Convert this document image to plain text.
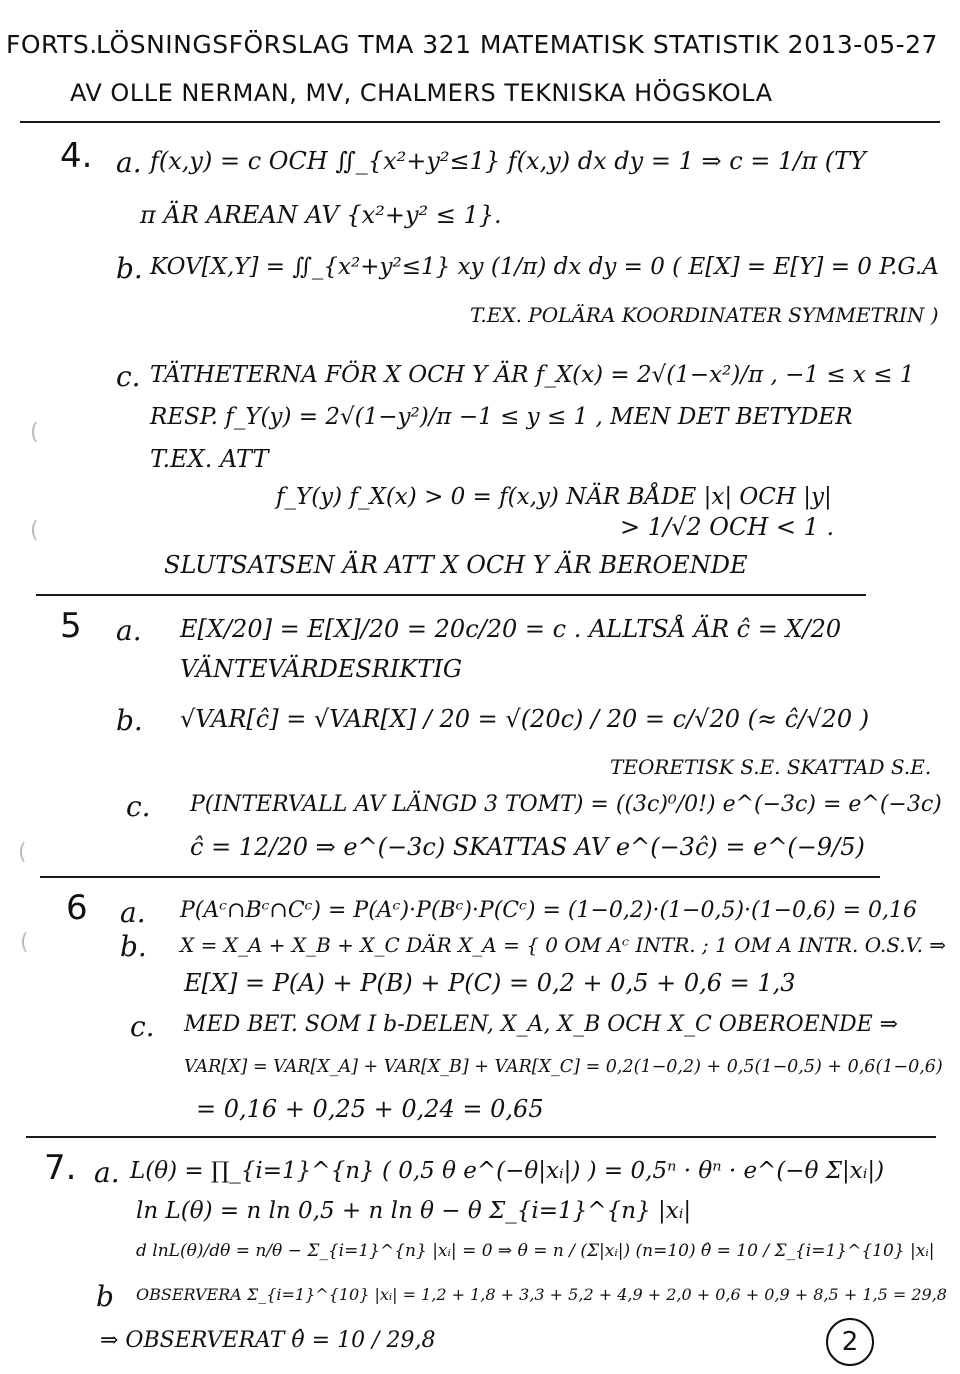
FORTS.
LÖSNINGSFÖRSLAG TMA 321 MATEMATISK STATISTIK 2013-05-27
AV OLLE NERMAN, MV, CHALMERS TEKNISKA HÖGSKOLA
4. a. f(x,y) = c OCH ∬_{x²+y²≤1} f(x,y) dx dy = 1 ⇒ c = 1/π (TY
π ÄR AREAN AV {x²+y² ≤ 1}.
b. KOV[X,Y] = ∬_{x²+y²≤1} xy (1/π) dx dy = 0 ( E[X] = E[Y] = 0 P.G.A
T.EX. POLÄRA KOORDINATER SYMMETRIN )
c. TÄTHETERNA FÖR X OCH Y ÄR f_X(x) = 2√(1−x²)/π , −1 ≤ x ≤ 1
RESP. f_Y(y) = 2√(1−y²)/π −1 ≤ y ≤ 1 , MEN DET BETYDER
T.EX. ATT
f_Y(y) f_X(x) > 0 = f(x,y) NÄR BÅDE |x| OCH |y|
> 1/√2 OCH < 1 .
SLUTSATSEN ÄR ATT X OCH Y ÄR BEROENDE
5 a. E[X/20] = E[X]/20 = 20c/20 = c . ALLTSÅ ÄR ĉ = X/20
VÄNTEVÄRDESRIKTIG
b. √VAR[ĉ] = √VAR[X] / 20 = √(20c) / 20 = c/√20 (≈ ĉ/√20 )
TEORETISK S.E. SKATTAD S.E.
c. P(INTERVALL AV LÄNGD 3 TOMT) = ((3c)⁰/0!) e^(−3c) = e^(−3c)
ĉ = 12/20 ⇒ e^(−3c) SKATTAS AV e^(−3ĉ) = e^(−9/5)
6 a. P(Aᶜ∩Bᶜ∩Cᶜ) = P(Aᶜ)·P(Bᶜ)·P(Cᶜ) = (1−0,2)·(1−0,5)·(1−0,6) = 0,16
b. X = X_A + X_B + X_C DÄR X_A = { 0 OM Aᶜ INTR. ; 1 OM A INTR. O.S.V. ⇒
E[X] = P(A) + P(B) + P(C) = 0,2 + 0,5 + 0,6 = 1,3
c. MED BET. SOM I b-DELEN, X_A, X_B OCH X_C OBEROENDE ⇒
VAR[X] = VAR[X_A] + VAR[X_B] + VAR[X_C] = 0,2(1−0,2) + 0,5(1−0,5) + 0,6(1−0,6)
= 0,16 + 0,25 + 0,24 = 0,65
7. a. L(θ) = ∏_{i=1}^{n} ( 0,5 θ e^(−θ|xᵢ|) ) = 0,5ⁿ · θⁿ · e^(−θ Σ|xᵢ|)
ln L(θ) = n ln 0,5 + n ln θ − θ Σ_{i=1}^{n} |xᵢ|
d lnL(θ)/dθ = n/θ − Σ_{i=1}^{n} |xᵢ| = 0 ⇒ θ = n / (Σ|xᵢ|) (n=10) θ̂ = 10 / Σ_{i=1}^{10} |xᵢ|
b OBSERVERA Σ_{i=1}^{10} |xᵢ| = 1,2 + 1,8 + 3,3 + 5,2 + 4,9 + 2,0 + 0,6 + 0,9 + 8,5 + 1,5 = 29,8
⇒ OBSERVERAT θ̂ = 10 / 29,8	2
(
(
(
(
